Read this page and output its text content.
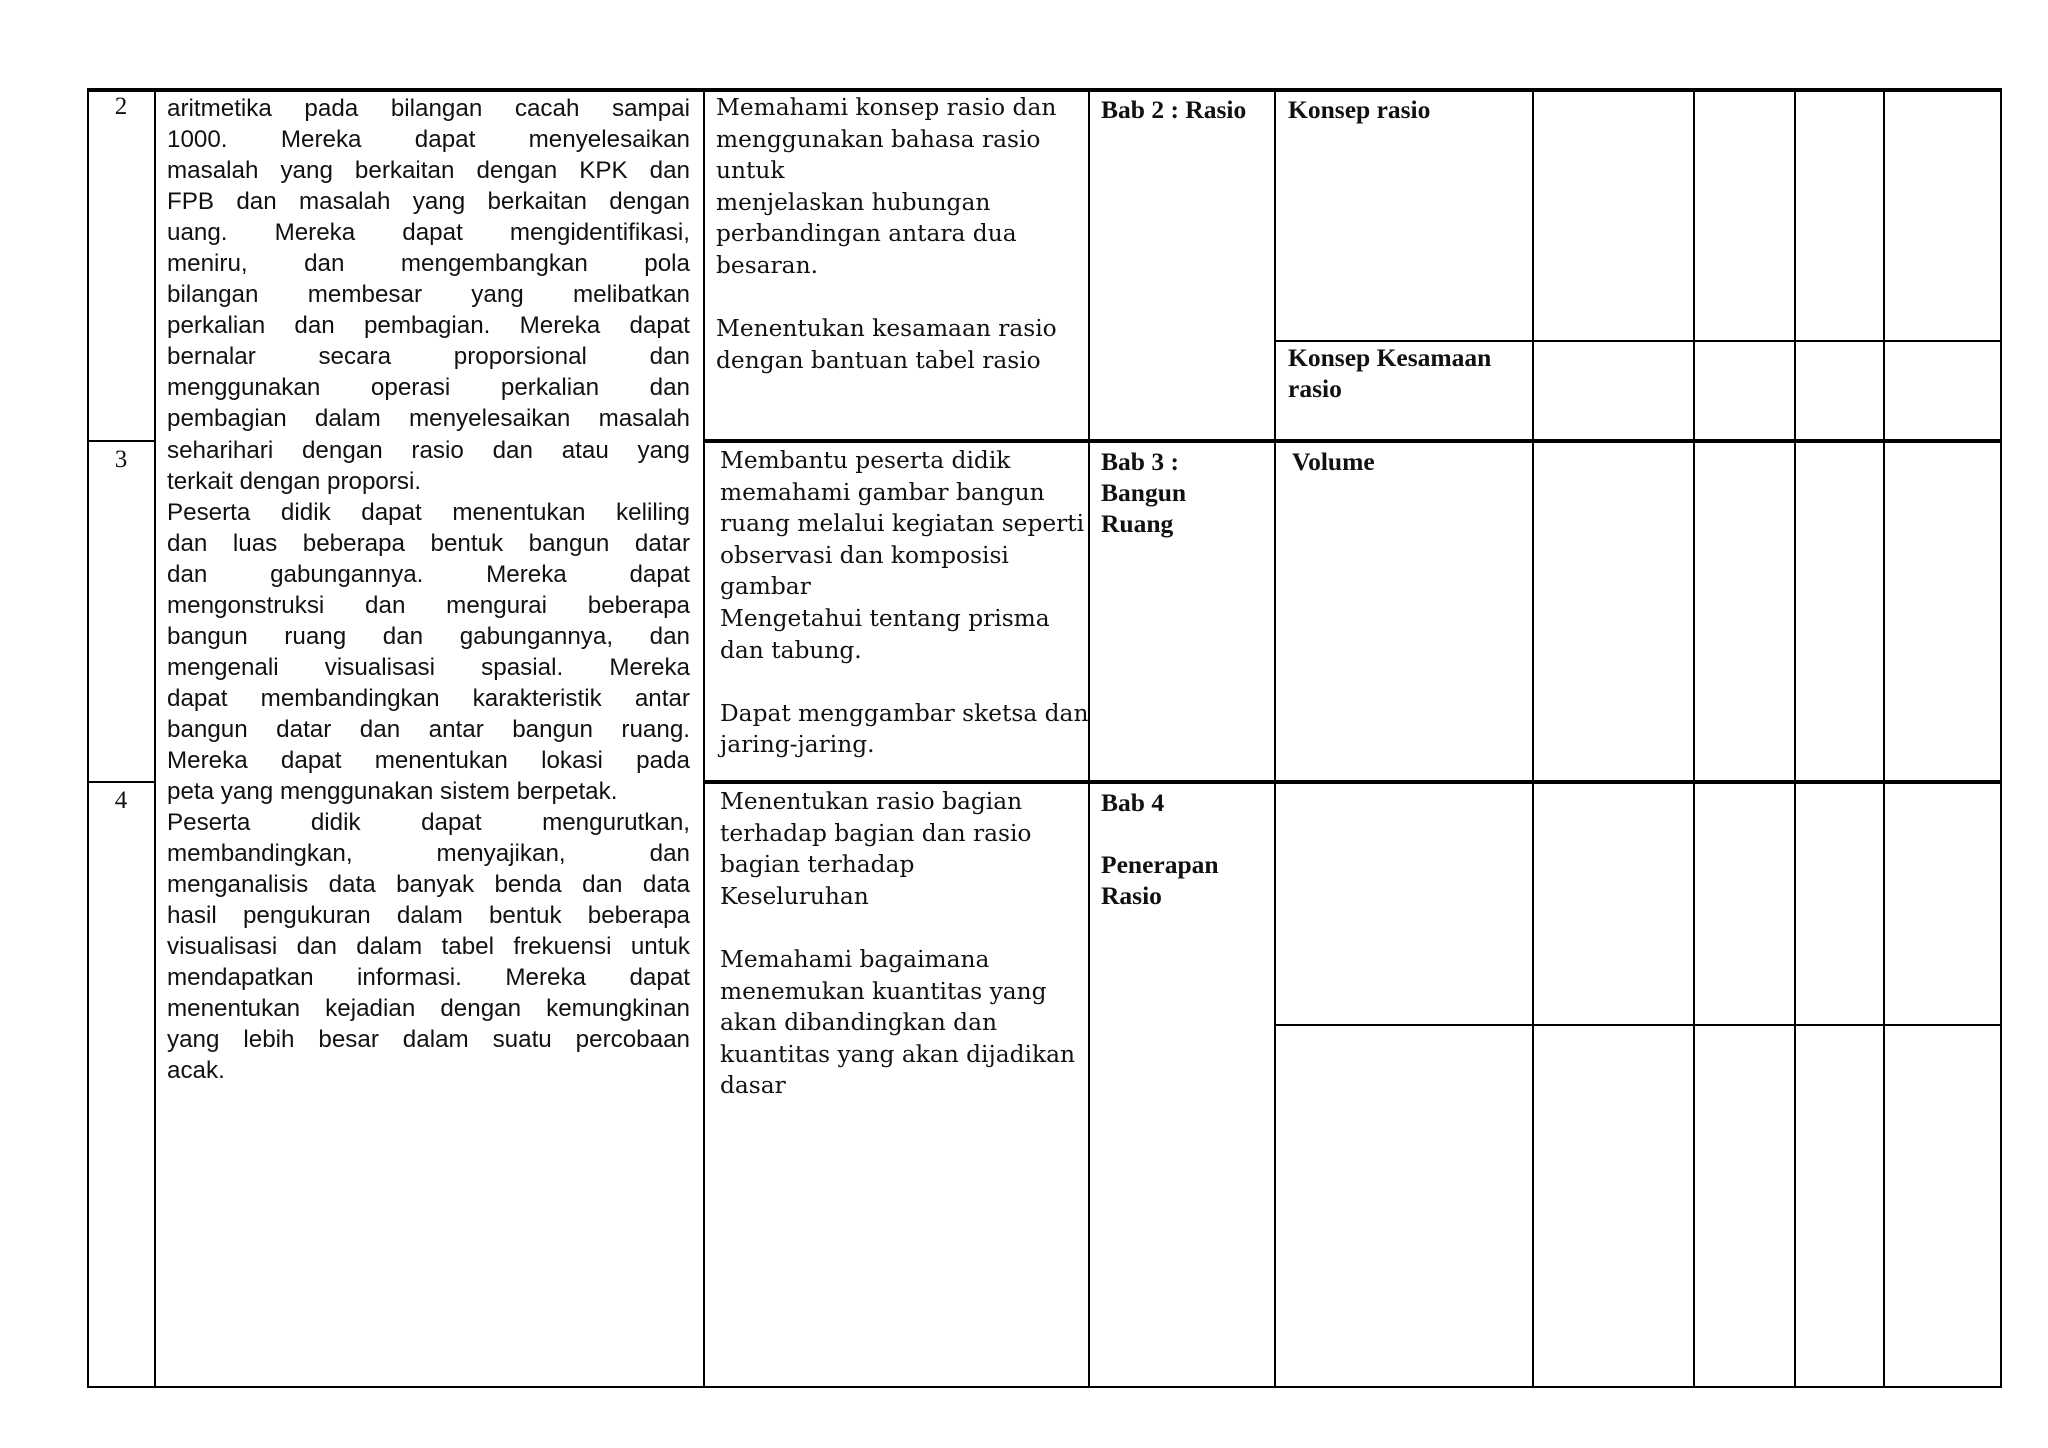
2
3
4
aritmetika pada bilangan cacah sampai
1000. Mereka dapat menyelesaikan
masalah yang berkaitan dengan KPK dan
FPB dan masalah yang berkaitan dengan
uang. Mereka dapat mengidentifikasi,
meniru, dan mengembangkan pola
bilangan membesar yang melibatkan
perkalian dan pembagian. Mereka dapat
bernalar secara proporsional dan
menggunakan operasi perkalian dan
pembagian dalam menyelesaikan masalah
seharihari dengan rasio dan atau yang
terkait dengan proporsi.
Peserta didik dapat menentukan keliling
dan luas beberapa bentuk bangun datar
dan gabungannya. Mereka dapat
mengonstruksi dan mengurai beberapa
bangun ruang dan gabungannya, dan
mengenali visualisasi spasial. Mereka
dapat membandingkan karakteristik antar
bangun datar dan antar bangun ruang.
Mereka dapat menentukan lokasi pada
peta yang menggunakan sistem berpetak.
Peserta didik dapat mengurutkan,
membandingkan, menyajikan, dan
menganalisis data banyak benda dan data
hasil pengukuran dalam bentuk beberapa
visualisasi dan dalam tabel frekuensi untuk
mendapatkan informasi. Mereka dapat
menentukan kejadian dengan kemungkinan
yang lebih besar dalam suatu percobaan
acak.
Memahami konsep rasio dan
menggunakan bahasa rasio
untuk
menjelaskan hubungan
perbandingan antara dua
besaran.

Menentukan kesamaan rasio
dengan bantuan tabel rasio
Membantu peserta didik
memahami gambar bangun
ruang melalui kegiatan seperti
observasi dan komposisi
gambar
Mengetahui tentang prisma
dan tabung.

Dapat menggambar sketsa dan
jaring-jaring.
Menentukan rasio bagian
terhadap bagian dan rasio
bagian terhadap
Keseluruhan

Memahami bagaimana
menemukan kuantitas yang
akan dibandingkan dan
kuantitas yang akan dijadikan
dasar
Bab 2 : Rasio
Bab 3 :
Bangun
Ruang
Bab 4

Penerapan
Rasio
Konsep rasio
Konsep Kesamaan
rasio
Volume
